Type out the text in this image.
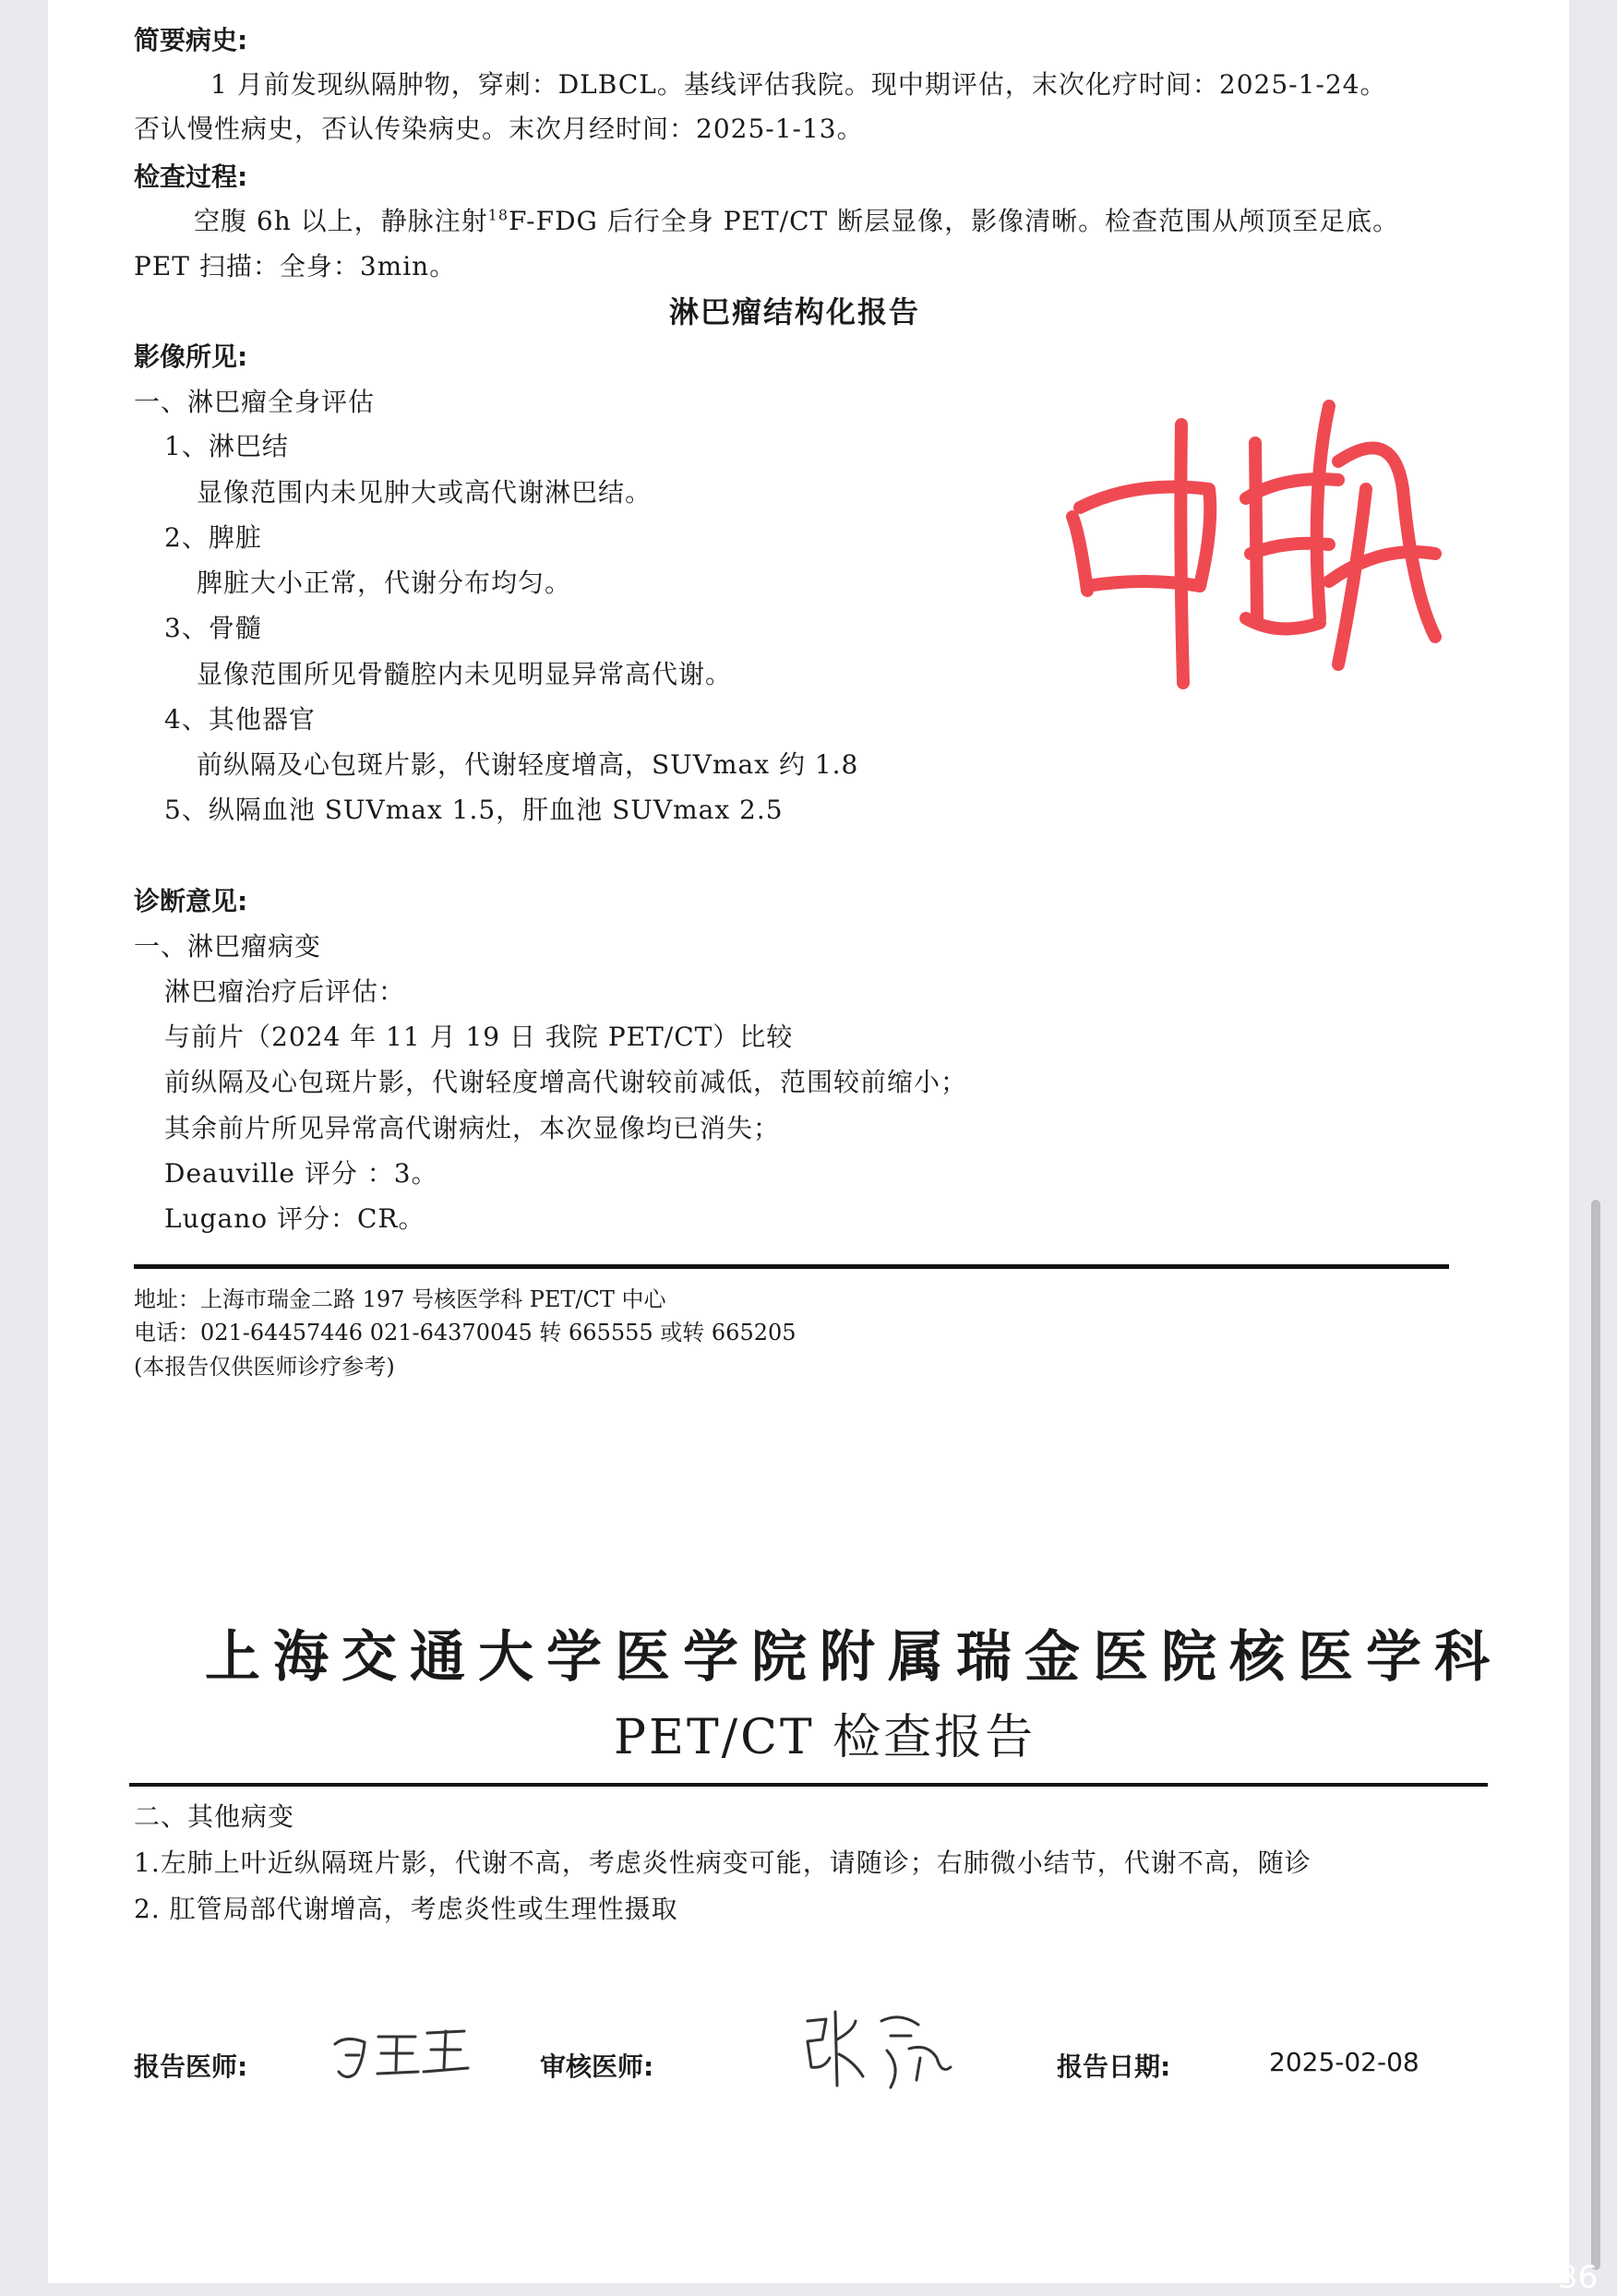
36
简要病史:
1 月前发现纵隔肿物，穿刺：DLBCL。基线评估我院。现中期评估，末次化疗时间：2025-1-24。
否认慢性病史，否认传染病史。末次月经时间：2025-1-13。
检查过程:
空腹 6h 以上，静脉注射$^{18}$F-FDG 后行全身 PET/CT 断层显像，影像清晰。检查范围从颅顶至足底。
PET 扫描：全身：3min。
淋巴瘤结构化报告
影像所见:
一、淋巴瘤全身评估
1、淋巴结
显像范围内未见肿大或高代谢淋巴结。
2、脾脏
脾脏大小正常，代谢分布均匀。
3、骨髓
显像范围所见骨髓腔内未见明显异常高代谢。
4、其他器官
前纵隔及心包斑片影，代谢轻度增高，SUVmax 约 1.8
5、纵隔血池 SUVmax 1.5，肝血池 SUVmax 2.5
诊断意见:
一、淋巴瘤病变
淋巴瘤治疗后评估：
与前片（2024 年 11 月 19 日 我院 PET/CT）比较
前纵隔及心包斑片影，代谢轻度增高代谢较前减低，范围较前缩小；
其余前片所见异常高代谢病灶，本次显像均已消失；
Deauville 评分 ：3。
Lugano 评分：CR。
地址：上海市瑞金二路 197 号核医学科 PET/CT 中心
电话：021-64457446 021-64370045 转 665555 或转 665205
(本报告仅供医师诊疗参考)
上海交通大学医学院附属瑞金医院核医学科
PET/CT 检查报告
二、其他病变
1.左肺上叶近纵隔斑片影，代谢不高，考虑炎性病变可能，请随诊；右肺微小结节，代谢不高，随诊
2. 肛管局部代谢增高，考虑炎性或生理性摄取
报告医师:	审核医师:	报告日期:	2025-02-08
